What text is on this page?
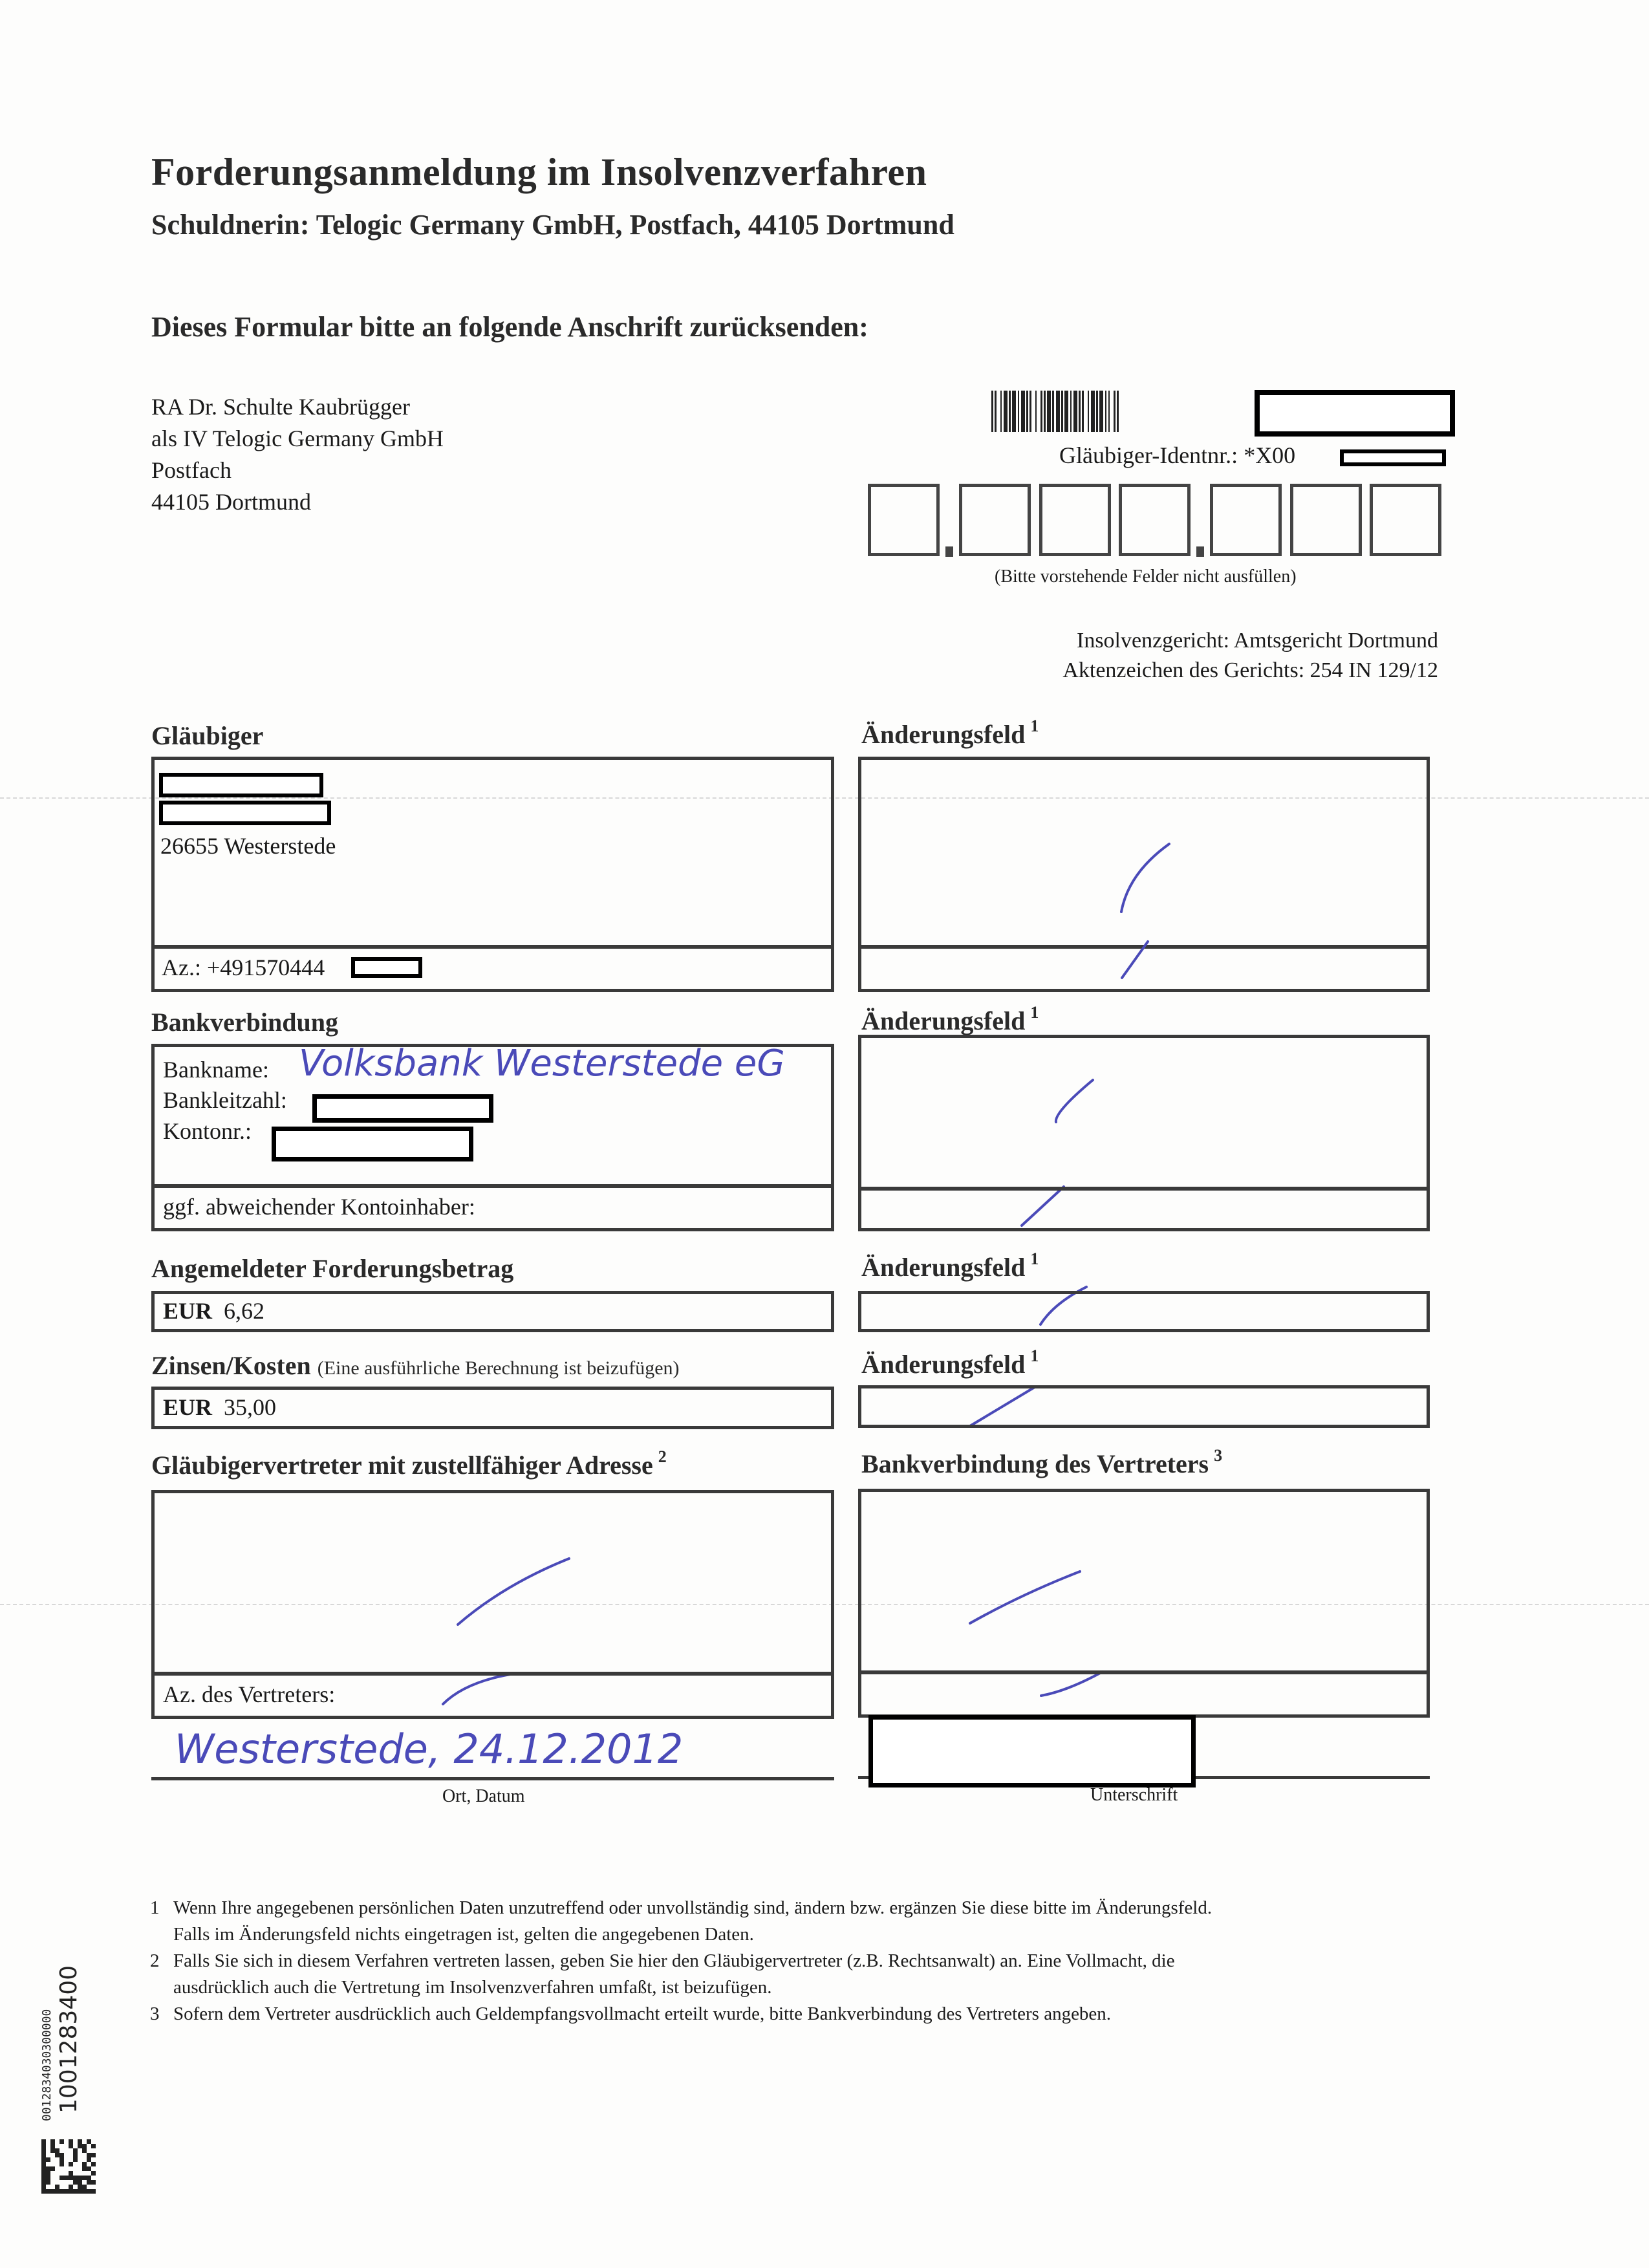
Forderungsanmeldung im Insolvenzverfahren
Schuldnerin: Telogic Germany GmbH, Postfach, 44105 Dortmund
Dieses Formular bitte an folgende Anschrift zurücksenden:
RA Dr. Schulte Kaubrügger
als IV Telogic Germany GmbH
Postfach
44105 Dortmund
Gläubiger-Identnr.: *X00
(Bitte vorstehende Felder nicht ausfüllen)
Insolvenzgericht: Amtsgericht Dortmund
Aktenzeichen des Gerichts: 254 IN 129/12
Gläubiger
26655 Westerstede
Az.: +491570444
Änderungsfeld $^1$
Bankverbindung
Bankname: Volksbank Westerstede eG
Bankleitzahl:
Kontonr.:
ggf. abweichender Kontoinhaber:
Änderungsfeld $^1$
Angemeldeter Forderungsbetrag
EUR 6,62
Änderungsfeld $^1$
Zinsen/Kosten (Eine ausführliche Berechnung ist beizufügen)
EUR 35,00
Änderungsfeld $^1$
Gläubigervertreter mit zustellfähiger Adresse $^2$
Az. des Vertreters:
Bankverbindung des Vertreters $^3$
Westerstede, 24.12.2012
Ort, Datum	Unterschrift
1 Wenn Ihre angegebenen persönlichen Daten unzutreffend oder unvollständig sind, ändern bzw. ergänzen Sie diese bitte im Änderungsfeld.
Falls im Änderungsfeld nichts eingetragen ist, gelten die angegebenen Daten.
2 Falls Sie sich in diesem Verfahren vertreten lassen, geben Sie hier den Gläubigervertreter (z.B. Rechtsanwalt) an. Eine Vollmacht, die
ausdrücklich auch die Vertretung im Insolvenzverfahren umfaßt, ist beizufügen.
3 Sofern dem Vertreter ausdrücklich auch Geldempfangsvollmacht erteilt wurde, bitte Bankverbindung des Vertreters angeben.
0012834030300000 1001283400
